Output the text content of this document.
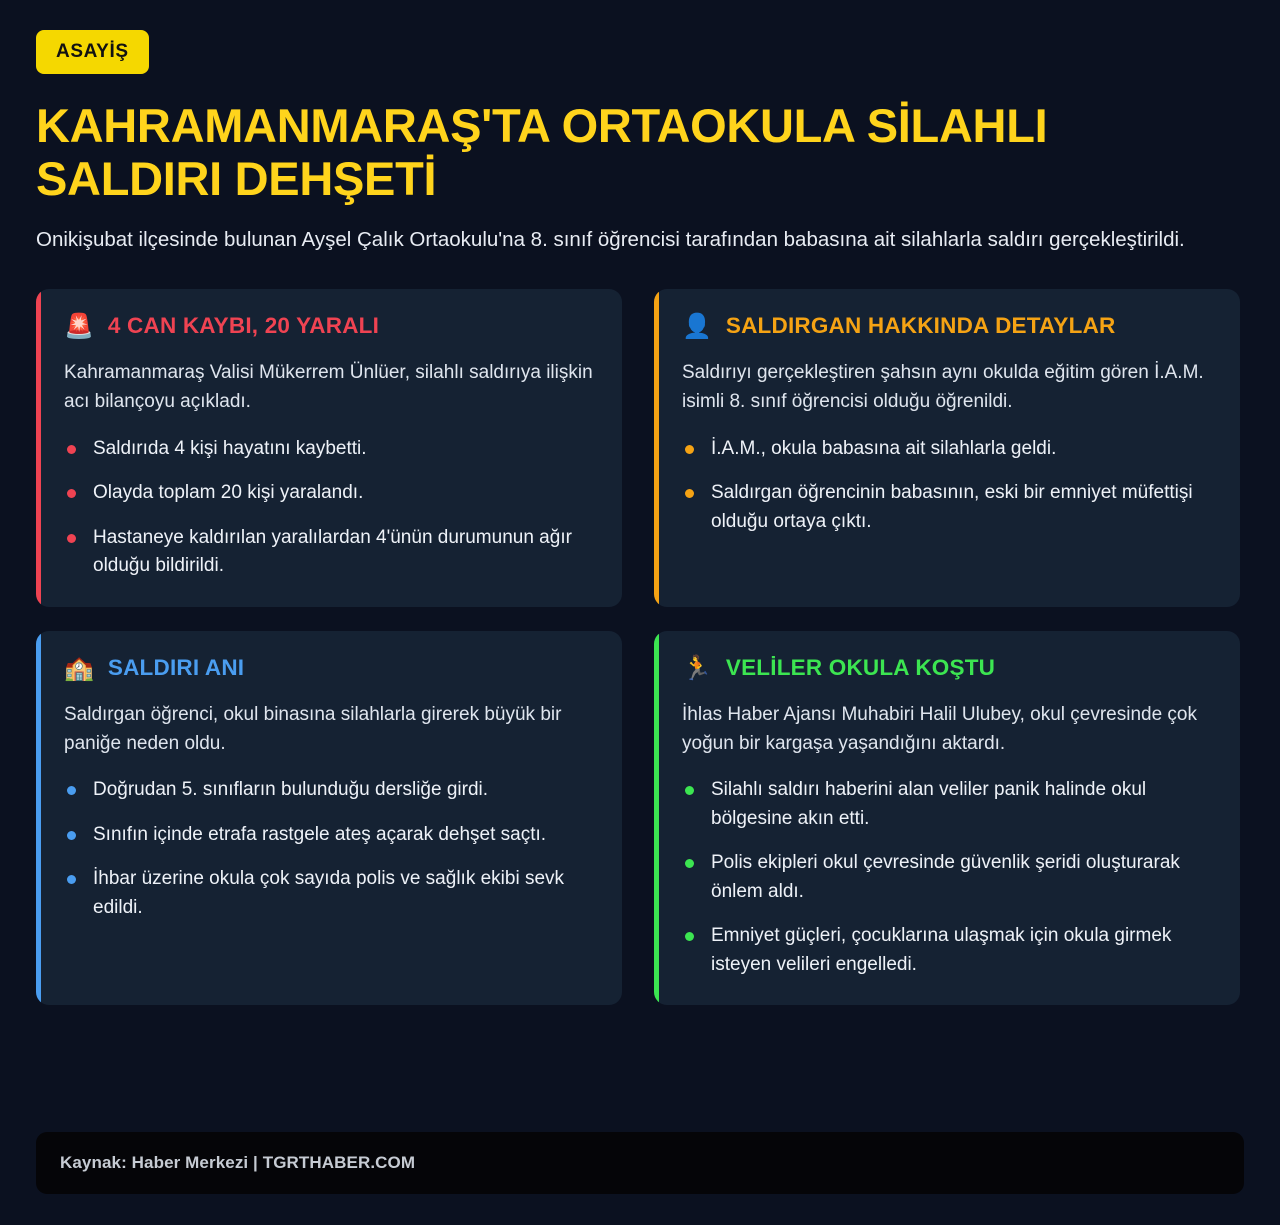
ASAYİŞ
KAHRAMANMARAŞ'TA ORTAOKULA SİLAHLI SALDIRI DEHŞETİ

Onikişubat ilçesinde bulunan Ayşel Çalık Ortaokulu'na 8. sınıf öğrencisi tarafından babasına ait silahlarla saldırı gerçekleştirildi.

🚨 4 CAN KAYBI, 20 YARALI

Kahramanmaraş Valisi Mükerrem Ünlüer, silahlı saldırıya ilişkin acı bilançoyu açıkladı.

Saldırıda 4 kişi hayatını kaybetti.
Olayda toplam 20 kişi yaralandı.
Hastaneye kaldırılan yaralılardan 4'ünün durumunun ağır olduğu bildirildi.
👤 SALDIRGAN HAKKINDA DETAYLAR

Saldırıyı gerçekleştiren şahsın aynı okulda eğitim gören İ.A.M. isimli 8. sınıf öğrencisi olduğu öğrenildi.

İ.A.M., okula babasına ait silahlarla geldi.
Saldırgan öğrencinin babasının, eski bir emniyet müfettişi olduğu ortaya çıktı.
🏫 SALDIRI ANI

Saldırgan öğrenci, okul binasına silahlarla girerek büyük bir paniğe neden oldu.

Doğrudan 5. sınıfların bulunduğu dersliğe girdi.
Sınıfın içinde etrafa rastgele ateş açarak dehşet saçtı.
İhbar üzerine okula çok sayıda polis ve sağlık ekibi sevk edildi.
🏃 VELİLER OKULA KOŞTU

İhlas Haber Ajansı Muhabiri Halil Ulubey, okul çevresinde çok yoğun bir kargaşa yaşandığını aktardı.

Silahlı saldırı haberini alan veliler panik halinde okul bölgesine akın etti.
Polis ekipleri okul çevresinde güvenlik şeridi oluşturarak önlem aldı.
Emniyet güçleri, çocuklarına ulaşmak için okula girmek isteyen velileri engelledi.
Kaynak: Haber Merkezi | TGRTHABER.COM
